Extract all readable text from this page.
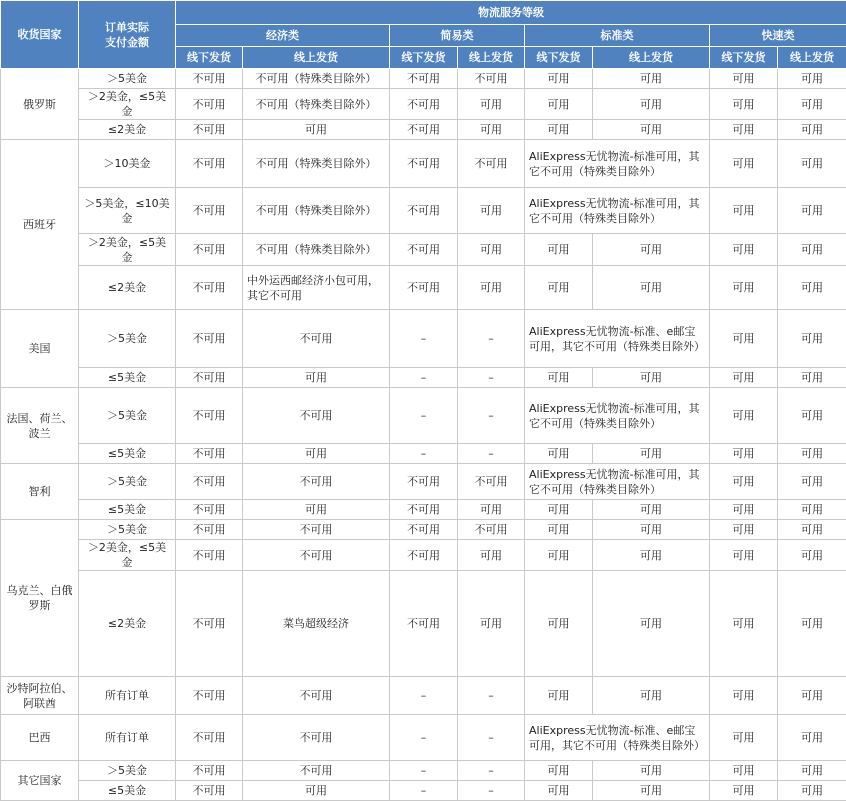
收货国家	订单实际
支付金额	物流服务等级							
		经济类		简易类		标准类		快速类	
		线下发货	线上发货	线下发货	线上发货	线下发货	线上发货	线下发货	线上发货
俄罗斯	＞5美金	不可用	不可用（特殊类目除外）	不可用	不可用	可用	可用	可用	可用
	＞2美金，≤5美金	不可用	不可用（特殊类目除外）	不可用	可用	可用	可用	可用	可用
	≤2美金	不可用	可用	不可用	可用	可用	可用	可用	可用
西班牙	＞10美金	不可用	不可用（特殊类目除外）	不可用	不可用	AliExpress无忧物流-标准可用，其它不可用（特殊类目除外）		可用	可用
	＞5美金，≤10美金	不可用	不可用（特殊类目除外）	不可用	可用	AliExpress无忧物流-标准可用，其它不可用（特殊类目除外）		可用	可用
	＞2美金，≤5美金	不可用	不可用（特殊类目除外）	不可用	可用	可用	可用	可用	可用
	≤2美金	不可用	中外运西邮经济小包可用，其它不可用	不可用	可用	可用	可用	可用	可用
美国	＞5美金	不可用	不可用	–	–	AliExpress无忧物流-标准、e邮宝可用，其它不可用（特殊类目除外）		可用	可用
	≤5美金	不可用	可用	–	–	可用	可用	可用	可用
法国、荷兰、波兰	＞5美金	不可用	不可用	–	–	AliExpress无忧物流-标准可用，其它不可用（特殊类目除外）		可用	可用
	≤5美金	不可用	可用	–	–	可用	可用	可用	可用
智利	＞5美金	不可用	不可用	不可用	不可用	AliExpress无忧物流-标准可用，其它不可用（特殊类目除外）		可用	可用
	≤5美金	不可用	可用	不可用	可用	可用	可用	可用	可用
乌克兰、白俄罗斯	＞5美金	不可用	不可用	不可用	不可用	可用	可用	可用	可用
	＞2美金，≤5美金	不可用	不可用	不可用	可用	可用	可用	可用	可用
	≤2美金	不可用	菜鸟超级经济	不可用	可用	可用	可用	可用	可用
沙特阿拉伯、阿联酋	所有订单	不可用	不可用	–	–	可用	可用	可用	可用
巴西	所有订单	不可用	不可用	–	–	AliExpress无忧物流-标准、e邮宝可用，其它不可用（特殊类目除外）		可用	可用
其它国家	＞5美金	不可用	不可用	–	–	可用	可用	可用	可用
	≤5美金	不可用	可用	–	–	可用	可用	可用	可用
